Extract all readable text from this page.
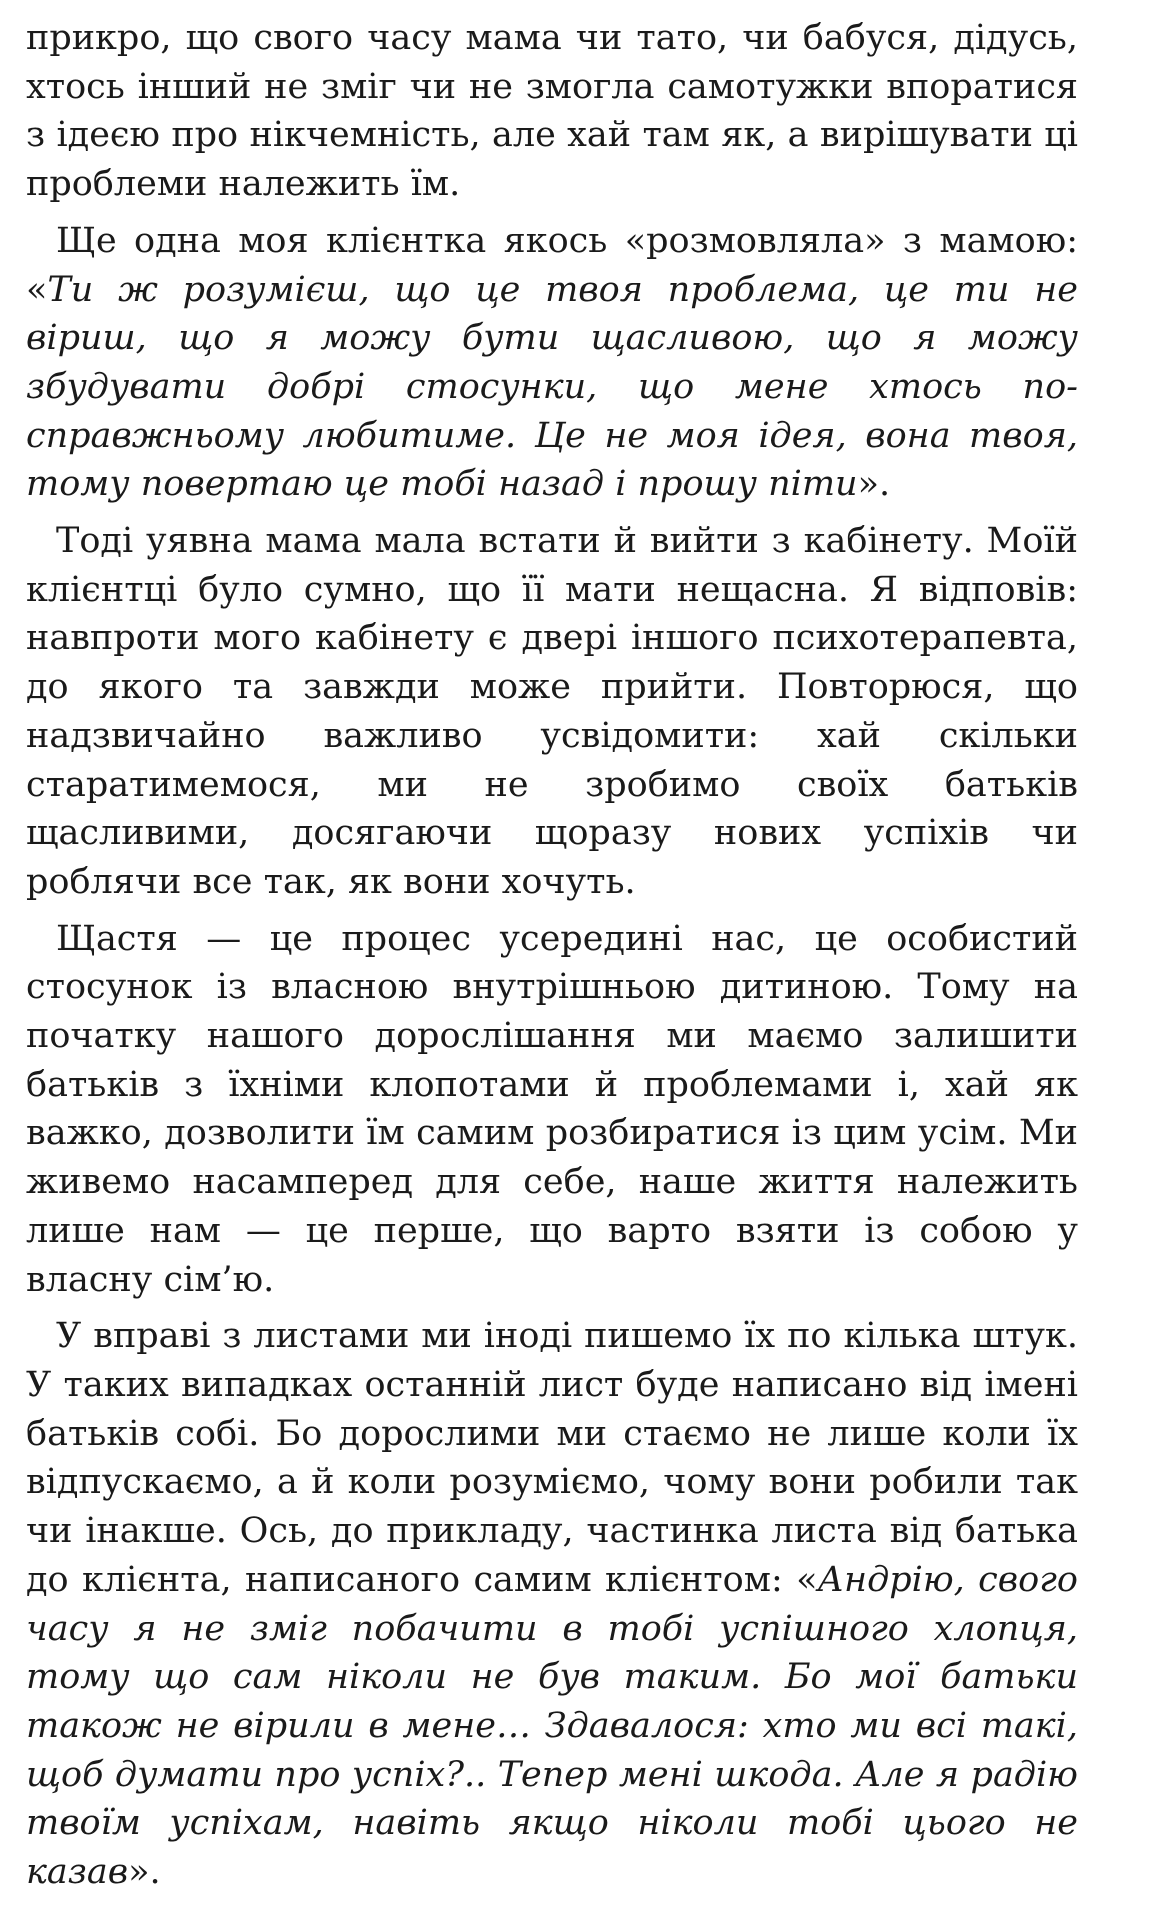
прикро, що свого часу мама чи тато, чи бабуся, дідусь, хтось інший не зміг чи не змогла самотужки впоратися з ідеєю про нікчемність, але хай там як, а вирішувати ці проблеми належить їм.

Ще одна моя клієнтка якось «розмовляла» з мамою: «Ти ж розумієш, що це твоя проблема, це ти не віриш, що я можу бути щасливою, що я можу збудувати добрі стосунки, що мене хтось по-справжньому любитиме. Це не моя ідея, вона твоя, тому повертаю це тобі назад і прошу піти».

Тоді уявна мама мала встати й вийти з кабінету. Моїй клієнтці було сумно, що її мати нещасна. Я відповів: навпроти мого кабінету є двері іншого психотерапевта, до якого та завжди може прийти. Повторюся, що надзвичайно важливо усвідомити: хай скільки старатимемося, ми не зробимо своїх батьків щасливими, досягаючи щоразу нових успіхів чи роблячи все так, як вони хочуть.

Щастя — це процес усередині нас, це особистий стосунок із власною внутрішньою дитиною. Тому на початку нашого дорослішання ми маємо залишити батьків з їхніми клопотами й проблемами і, хай як важко, дозволити їм самим розбиратися із цим усім. Ми живемо насамперед для себе, наше життя належить лише нам — це перше, що варто взяти із собою у власну сім’ю.

У вправі з листами ми іноді пишемо їх по кілька штук. У таких випадках останній лист буде написано від імені батьків собі. Бо дорослими ми стаємо не лише коли їх відпускаємо, а й коли розуміємо, чому вони робили так чи інакше. Ось, до прикладу, частинка листа від батька до клієнта, написаного самим клієнтом: «Андрію, свого часу я не зміг побачити в тобі успішного хлопця, тому що сам ніколи не був таким. Бо мої батьки також не вірили в мене… Здавалося: хто ми всі такі, щоб думати про успіх?.. Тепер мені шкода. Але я радію твоїм успіхам, навіть якщо ніколи тобі цього не казав».
